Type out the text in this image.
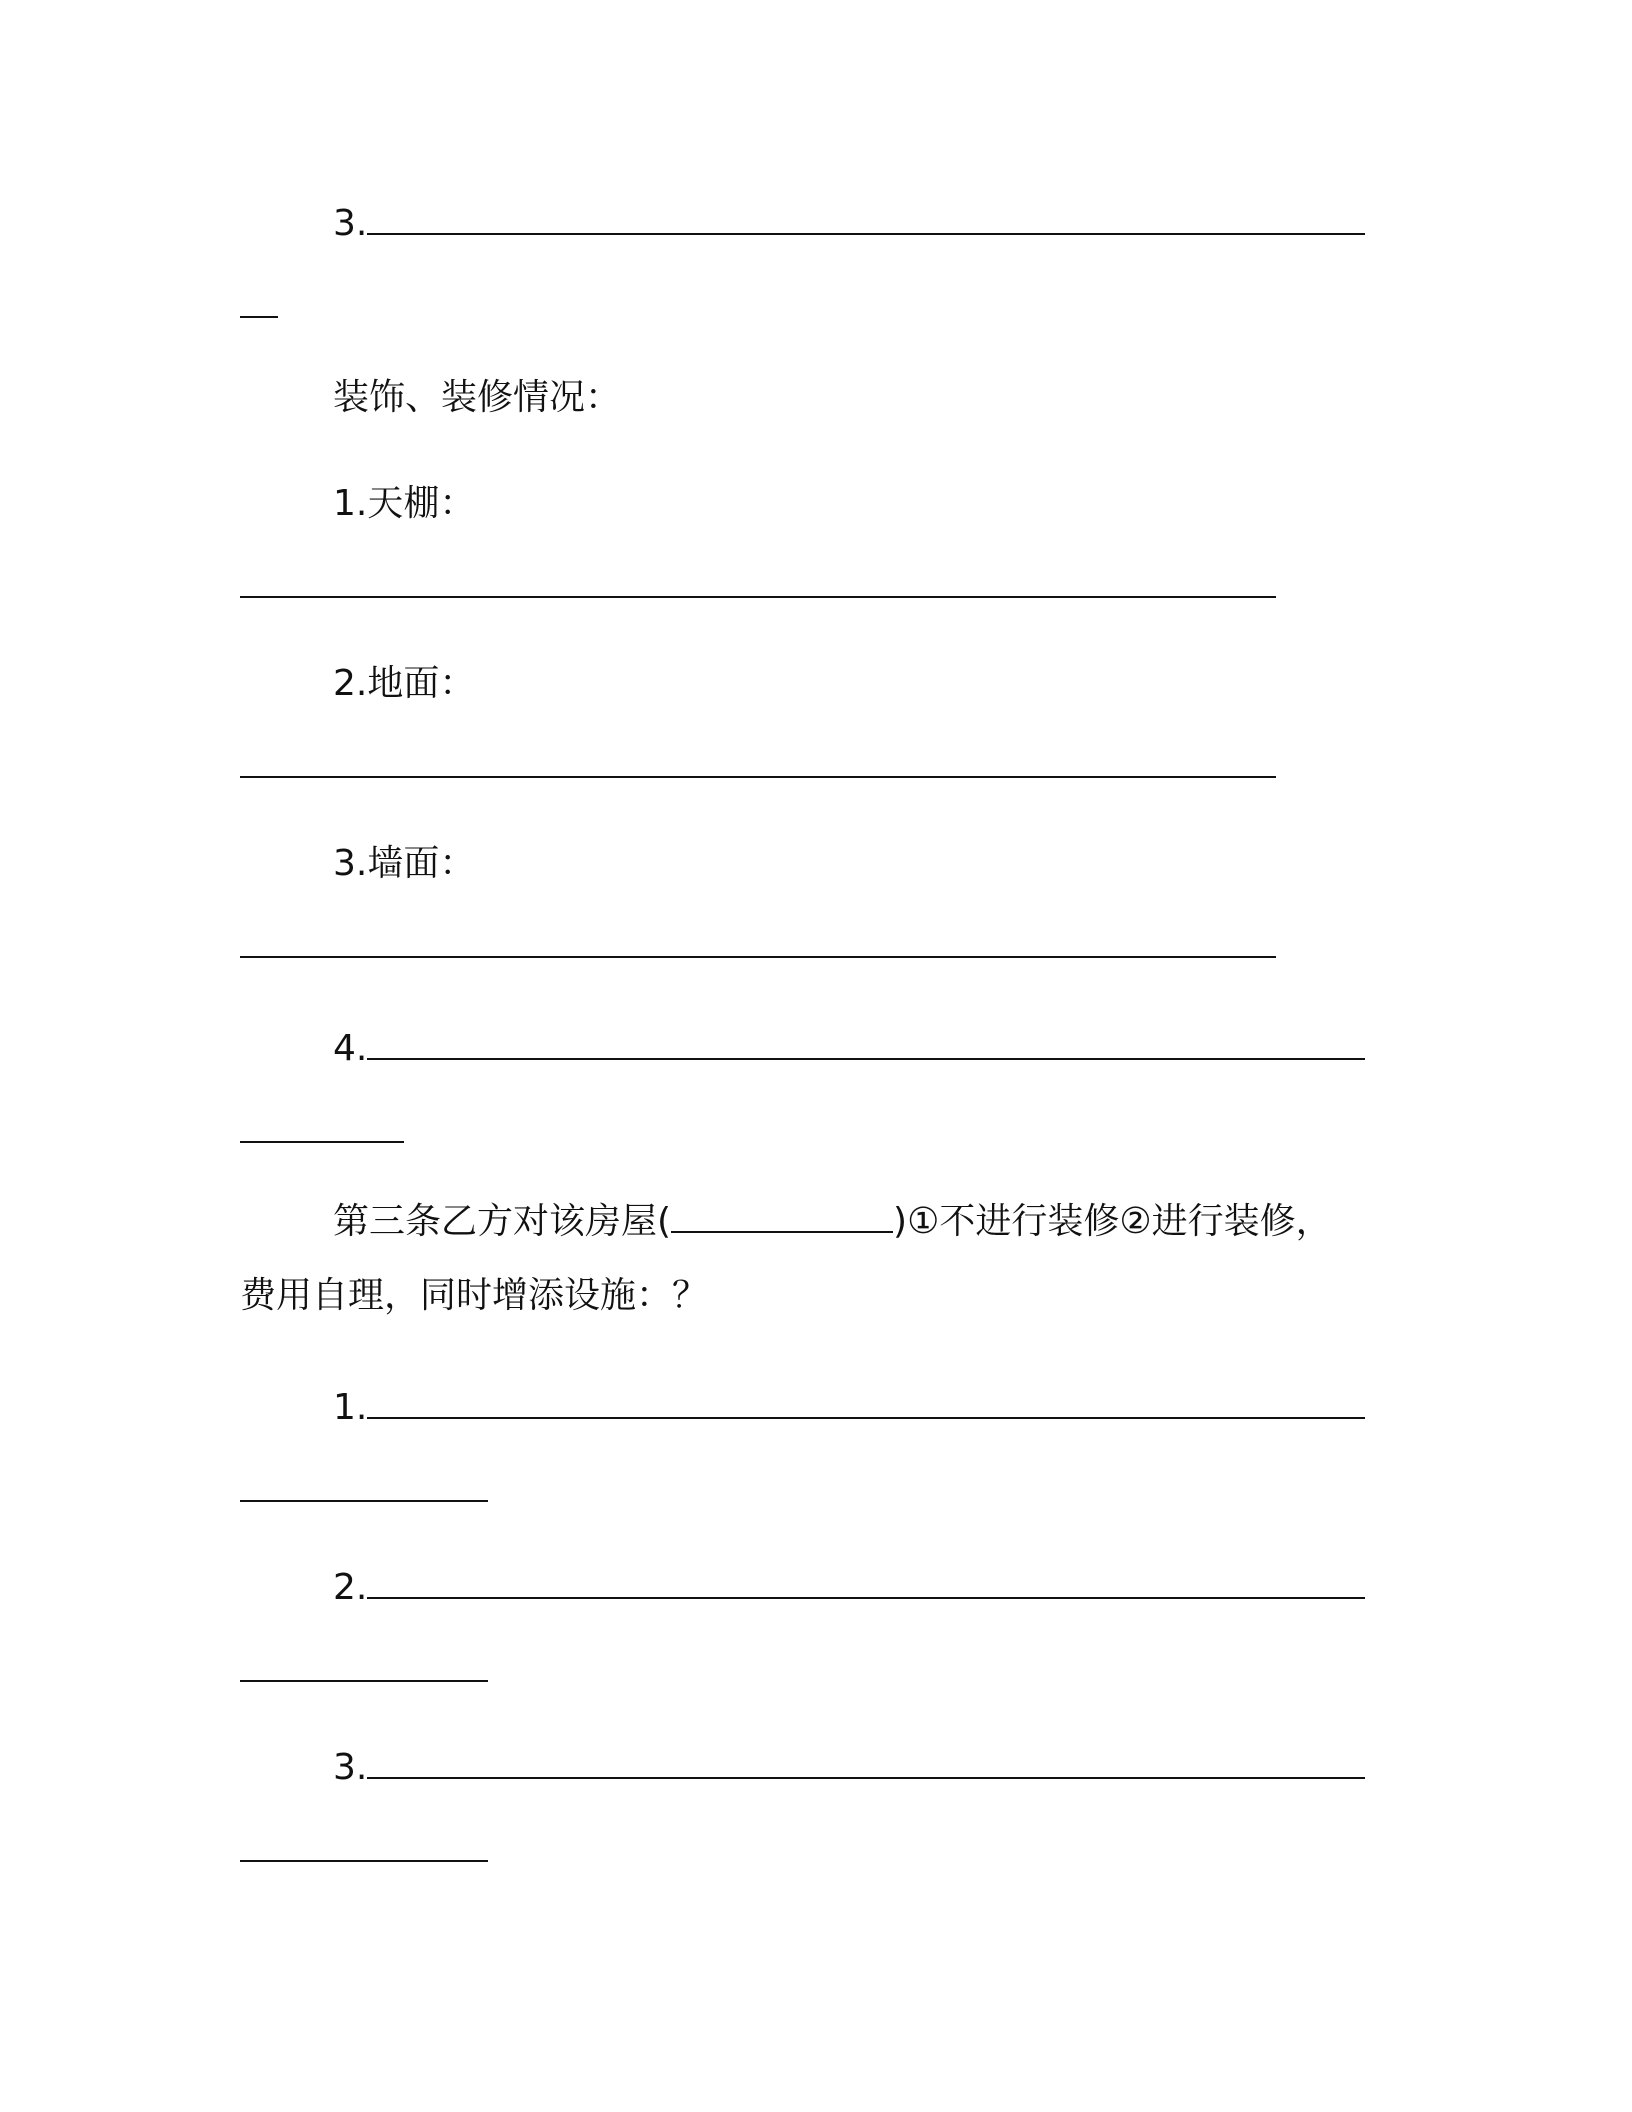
3.

装饰、装修情况：

1.天棚：

2.地面：

3.墙面：

4.

第三条乙方对该房屋(	)①不进行装修②进行装修，

费用自理，同时增添设施：？

1.

2.

3.
